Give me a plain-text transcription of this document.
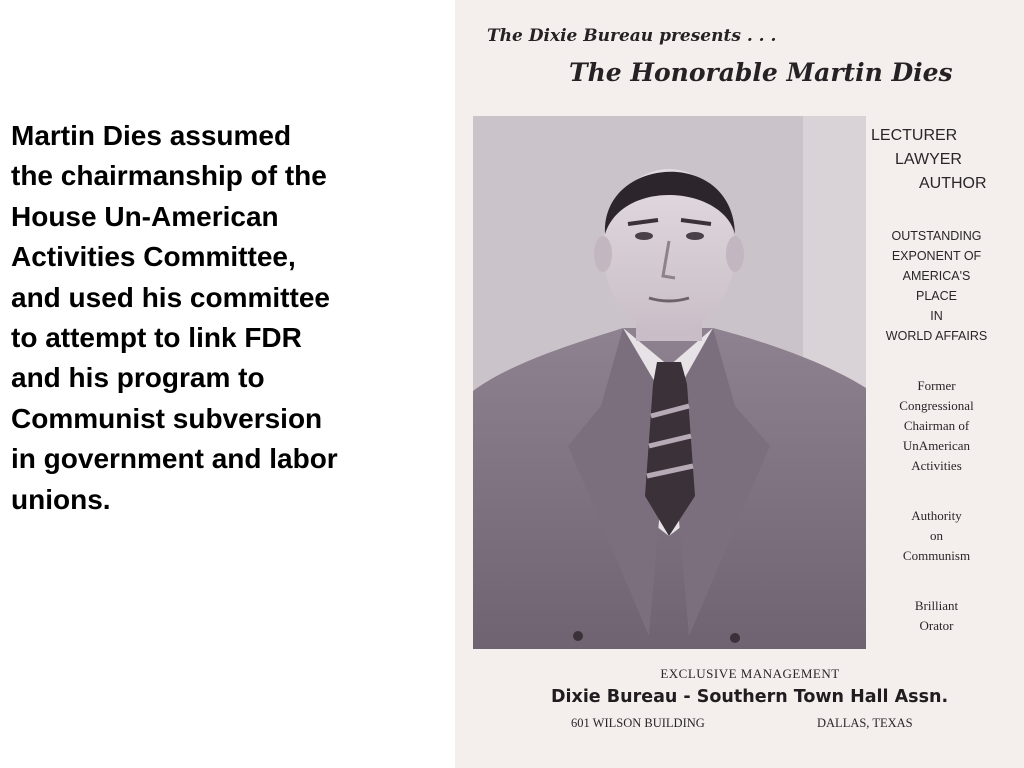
Martin Dies assumed
the chairmanship of the
House Un-American
Activities Committee,
and used his committee
to attempt to link FDR
and his program to
Communist subversion
in government and labor
unions.

The Dixie Bureau presents . . .

The Honorable Martin Dies

LECTURER
LAWYER
AUTHOR

OUTSTANDING
EXPONENT OF
AMERICA'S
PLACE
IN
WORLD AFFAIRS

Former
Congressional
Chairman of
UnAmerican
Activities

Authority
on
Communism

Brilliant
Orator

EXCLUSIVE MANAGEMENT

Dixie Bureau - Southern Town Hall Assn.

601 WILSON BUILDING	DALLAS, TEXAS
